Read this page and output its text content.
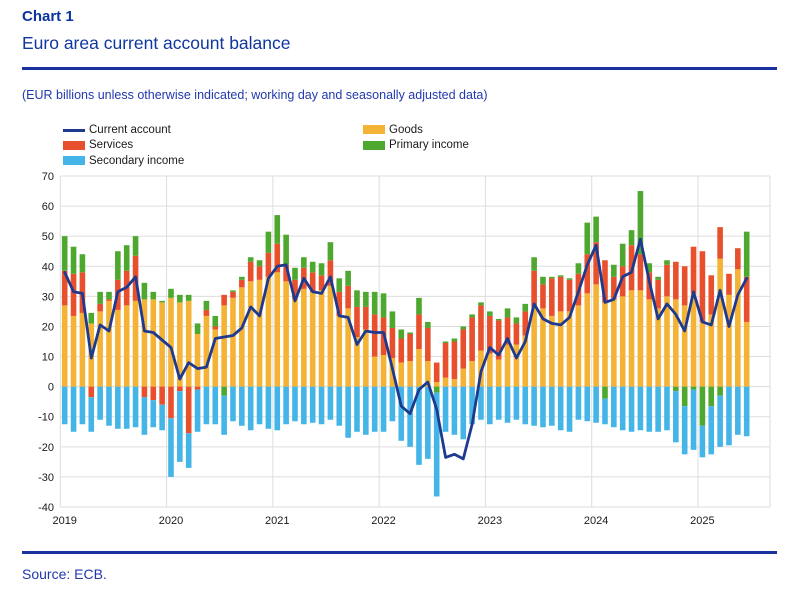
Chart 1
Euro area current account balance
(EUR billions unless otherwise indicated; working day and seasonally adjusted data)
Current account
Services
Secondary income
Goods
Primary income
70
60
50
40
30
20
10
0
-10
-20
-30
-40
2019	2020	2021	2022	2023	2024	2025
Source: ECB.
